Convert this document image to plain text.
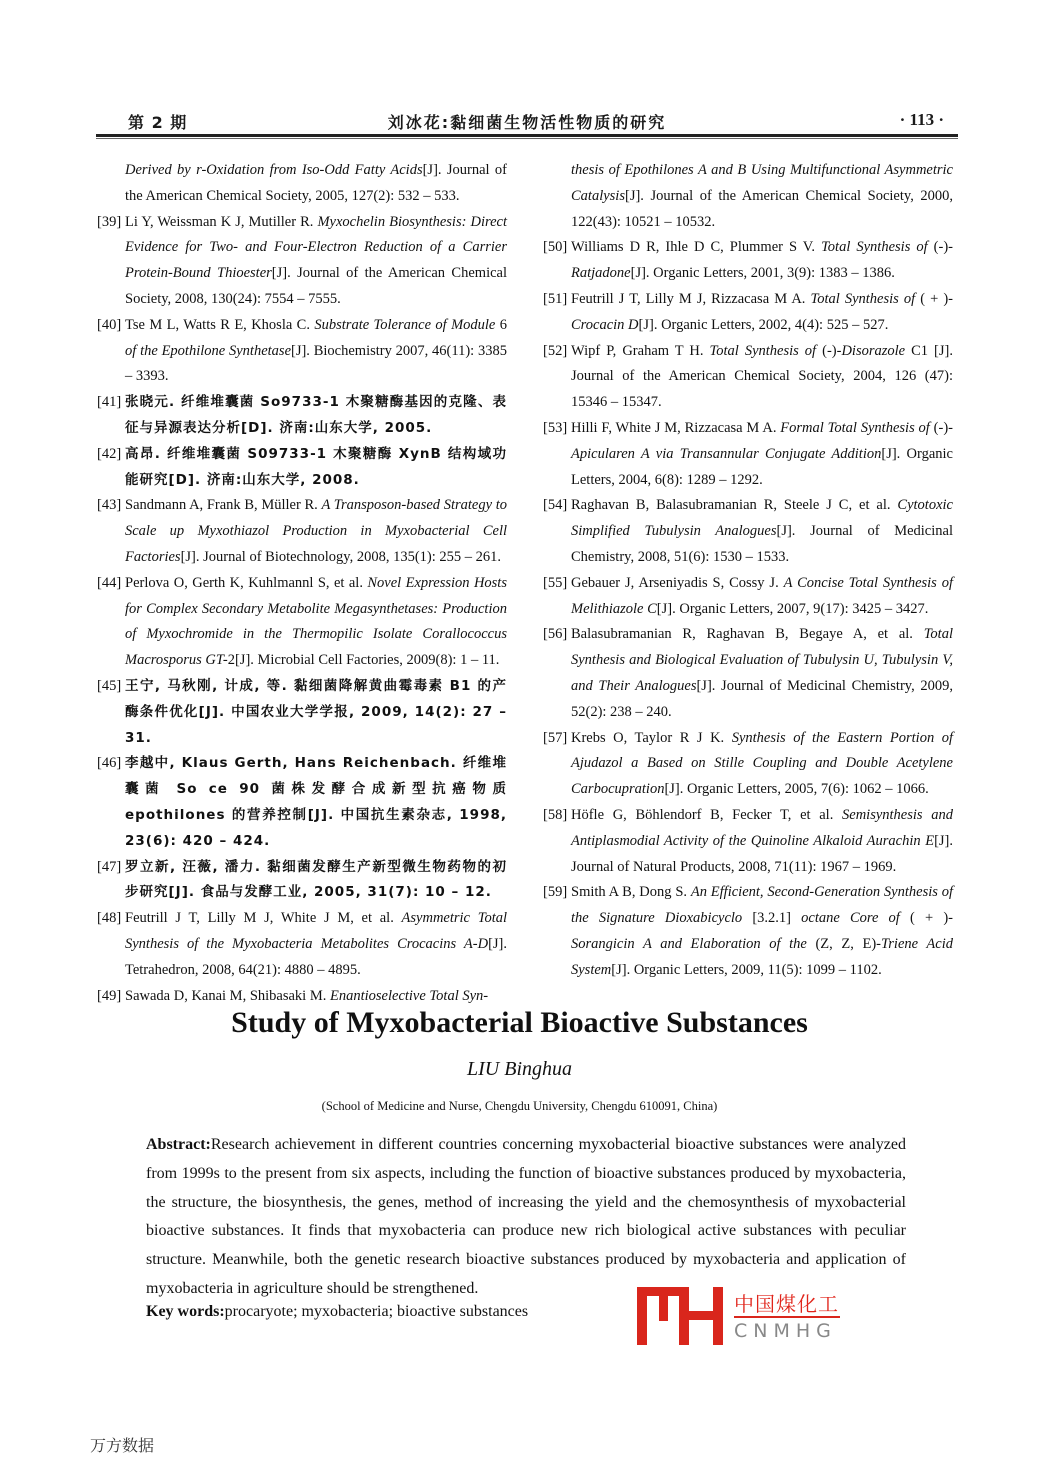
第 2 期	刘冰花:黏细菌生物活性物质的研究	· 113 ·
Derived by r-Oxidation from Iso-Odd Fatty Acids[J]. Journal of the American Chemical Society, 2005, 127(2): 532 – 533.
[39] Li Y, Weissman K J, Mutiller R. Myxochelin Biosynthesis: Direct Evidence for Two- and Four-Electron Reduction of a Carrier Protein-Bound Thioester[J]. Journal of the American Chemical Society, 2008, 130(24): 7554 – 7555.
[40] Tse M L, Watts R E, Khosla C. Substrate Tolerance of Module 6 of the Epothilone Synthetase[J]. Biochemistry 2007, 46(11): 3385 – 3393.
[41] 张晓元. 纤维堆囊菌 So9733-1 木聚糖酶基因的克隆、表征与异源表达分析[D]. 济南:山东大学, 2005.
[42] 高昂. 纤维堆囊菌 S09733-1 木聚糖酶 XynB 结构域功能研究[D]. 济南:山东大学, 2008.
[43] Sandmann A, Frank B, Müller R. A Transposon-based Strategy to Scale up Myxothiazol Production in Myxobacterial Cell Factories[J]. Journal of Biotechnology, 2008, 135(1): 255 – 261.
[44] Perlova O, Gerth K, Kuhlmannl S, et al. Novel Expression Hosts for Complex Secondary Metabolite Megasynthetases: Production of Myxochromide in the Thermopilic Isolate Corallococcus Macrosporus GT-2[J]. Microbial Cell Factories, 2009(8): 1 – 11.
[45] 王宁, 马秋刚, 计成, 等. 黏细菌降解黄曲霉毒素 B1 的产酶条件优化[J]. 中国农业大学学报, 2009, 14(2): 27 – 31.
[46] 李越中, Klaus Gerth, Hans Reichenbach. 纤维堆囊菌 So ce 90 菌株发酵合成新型抗癌物质 epothilones 的营养控制[J]. 中国抗生素杂志, 1998, 23(6): 420 – 424.
[47] 罗立新, 汪薇, 潘力. 黏细菌发酵生产新型微生物药物的初步研究[J]. 食品与发酵工业, 2005, 31(7): 10 – 12.
[48] Feutrill J T, Lilly M J, White J M, et al. Asymmetric Total Synthesis of the Myxobacteria Metabolites Crocacins A-D[J]. Tetrahedron, 2008, 64(21): 4880 – 4895.
[49] Sawada D, Kanai M, Shibasaki M. Enantioselective Total Syn-
thesis of Epothilones A and B Using Multifunctional Asymmetric Catalysis[J]. Journal of the American Chemical Society, 2000, 122(43): 10521 – 10532.
[50] Williams D R, Ihle D C, Plummer S V. Total Synthesis of (-)-Ratjadone[J]. Organic Letters, 2001, 3(9): 1383 – 1386.
[51] Feutrill J T, Lilly M J, Rizzacasa M A. Total Synthesis of ( + )-Crocacin D[J]. Organic Letters, 2002, 4(4): 525 – 527.
[52] Wipf P, Graham T H. Total Synthesis of (-)-Disorazole C1 [J]. Journal of the American Chemical Society, 2004, 126 (47): 15346 – 15347.
[53] Hilli F, White J M, Rizzacasa M A. Formal Total Synthesis of (-)-Apicularen A via Transannular Conjugate Addition[J]. Organic Letters, 2004, 6(8): 1289 – 1292.
[54] Raghavan B, Balasubramanian R, Steele J C, et al. Cytotoxic Simplified Tubulysin Analogues[J]. Journal of Medicinal Chemistry, 2008, 51(6): 1530 – 1533.
[55] Gebauer J, Arseniyadis S, Cossy J. A Concise Total Synthesis of Melithiazole C[J]. Organic Letters, 2007, 9(17): 3425 – 3427.
[56] Balasubramanian R, Raghavan B, Begaye A, et al. Total Synthesis and Biological Evaluation of Tubulysin U, Tubulysin V, and Their Analogues[J]. Journal of Medicinal Chemistry, 2009, 52(2): 238 – 240.
[57] Krebs O, Taylor R J K. Synthesis of the Eastern Portion of Ajudazol a Based on Stille Coupling and Double Acetylene Carbocupration[J]. Organic Letters, 2005, 7(6): 1062 – 1066.
[58] Höfle G, Böhlendorf B, Fecker T, et al. Semisynthesis and Antiplasmodial Activity of the Quinoline Alkaloid Aurachin E[J]. Journal of Natural Products, 2008, 71(11): 1967 – 1969.
[59] Smith A B, Dong S. An Efficient, Second-Generation Synthesis of the Signature Dioxabicyclo [3.2.1] octane Core of ( + )-Sorangicin A and Elaboration of the (Z, Z, E)-Triene Acid System[J]. Organic Letters, 2009, 11(5): 1099 – 1102.
Study of Myxobacterial Bioactive Substances
LIU Binghua
(School of Medicine and Nurse, Chengdu University, Chengdu 610091, China)
Abstract:Research achievement in different countries concerning myxobacterial bioactive substances were analyzed from 1999s to the present from six aspects, including the function of bioactive substances produced by myxobacteria, the structure, the biosynthesis, the genes, method of increasing the yield and the chemosynthesis of myxobacterial bioactive substances. It finds that myxobacteria can produce new rich biological active substances with peculiar structure. Meanwhile, both the genetic research bioactive substances produced by myxobacteria and application of myxobacteria in agriculture should be strengthened.
Key words:procaryote; myxobacteria; bioactive substances	中国煤化工
CNMHG
万方数据
